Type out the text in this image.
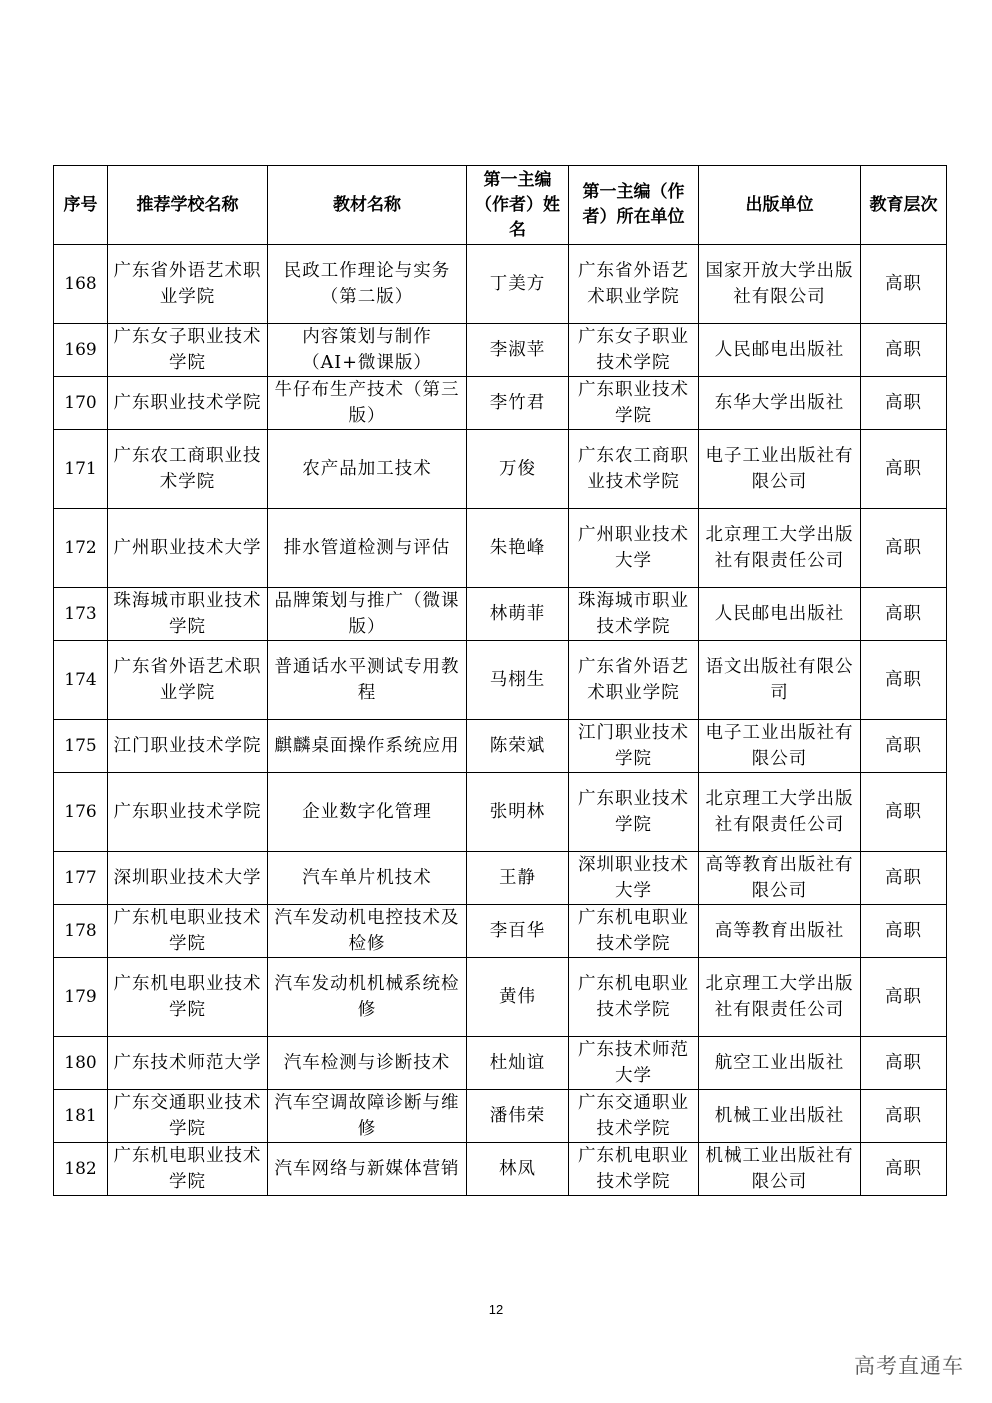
序号	推荐学校名称	教材名称	第一主编（作者）姓名	第一主编（作者）所在单位	出版单位	教育层次
168	广东省外语艺术职业学院	民政工作理论与实务（第二版）	丁美方	广东省外语艺术职业学院	国家开放大学出版社有限公司	高职
169	广东女子职业技术学院	内容策划与制作（AI+微课版）	李淑苹	广东女子职业技术学院	人民邮电出版社	高职
170	广东职业技术学院	牛仔布生产技术（第三版）	李竹君	广东职业技术学院	东华大学出版社	高职
171	广东农工商职业技术学院	农产品加工技术	万俊	广东农工商职业技术学院	电子工业出版社有限公司	高职
172	广州职业技术大学	排水管道检测与评估	朱艳峰	广州职业技术大学	北京理工大学出版社有限责任公司	高职
173	珠海城市职业技术学院	品牌策划与推广（微课版）	林萌菲	珠海城市职业技术学院	人民邮电出版社	高职
174	广东省外语艺术职业学院	普通话水平测试专用教程	马栩生	广东省外语艺术职业学院	语文出版社有限公司	高职
175	江门职业技术学院	麒麟桌面操作系统应用	陈荣斌	江门职业技术学院	电子工业出版社有限公司	高职
176	广东职业技术学院	企业数字化管理	张明林	广东职业技术学院	北京理工大学出版社有限责任公司	高职
177	深圳职业技术大学	汽车单片机技术	王静	深圳职业技术大学	高等教育出版社有限公司	高职
178	广东机电职业技术学院	汽车发动机电控技术及检修	李百华	广东机电职业技术学院	高等教育出版社	高职
179	广东机电职业技术学院	汽车发动机机械系统检修	黄伟	广东机电职业技术学院	北京理工大学出版社有限责任公司	高职
180	广东技术师范大学	汽车检测与诊断技术	杜灿谊	广东技术师范大学	航空工业出版社	高职
181	广东交通职业技术学院	汽车空调故障诊断与维修	潘伟荣	广东交通职业技术学院	机械工业出版社	高职
182	广东机电职业技术学院	汽车网络与新媒体营销	林凤	广东机电职业技术学院	机械工业出版社有限公司	高职
12
高考直通车
